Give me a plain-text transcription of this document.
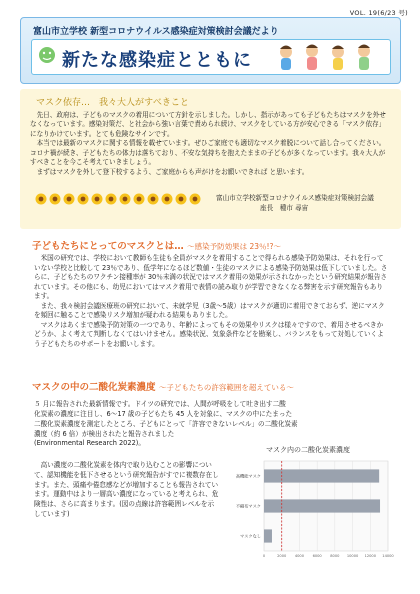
VOL. 19(6/23 号)
富山市立学校 新型コロナウイルス感染症対策検討会議だより
新たな感染症とともに
マスク依存…　我々大人がすべきこと

先日、政府は、子どものマスクの着用について方針を示しました。しかし、指示があっても子どもたちはマスクを外せなくなっています。感染対策だ、と社会から強い言葉で責められ続け、マスクをしている方が安心できる「マスク依存」になりかけています。とても危険なサインです。

本当では最新のマスクに関する情報を載せています。ぜひご家庭でも適切なマスク着脱について話し合ってください。コロナ禍が続き、子どもたちの体力は落ちており、不安な気持ちを抱えたままの子どもが多くなっています。我々大人がすべきことを今こそ考えていきましょう。

まずはマスクを外して登下校するよう、ご家庭からも声がけをお願いできれば と思います。

富山市立学校新型コロナウイルス感染症対策検討会議
座長　種市 尋宙
子どもたちにとってのマスクとは… ～感染予防効果は 23％!?～

米国の研究では、学校において教師も生徒も全員がマスクを着用することで得られる感染予防効果は、それを行っていない学校と比較して 23％であり、低学年になるほど数値・生徒のマスクによる感染予防効果は低下していました。さらに、子どもたちのワクチン接種率が 30％未満の状況ではマスク着用の効果が示されなかったという研究結果が報告されています。その他にも、幼児においてはマスク着用で表情の読み取りが学習できなくなる弊害を示す研究報告もあります。

また、我々検討会議医療班の研究において、未就学児（3歳～5歳）はマスクが適切に着用できておらず、逆にマスクを頻回に触ることで感染リスク増加が疑われる結果もありました。

マスクはあくまで感染予防対策の一つであり、年齢によってもその効果やリスクは様々ですので、着用させるべきかどうか、よく考えて判断しなくてはいけません。感染状況、気象条件などを勘案し、バランスをもって対処していくよう子どもたちのサポートをお願いします。

マスクの中の二酸化炭素濃度 ～子どもたちの許容範囲を超えている～

５ 月に報告された最新情報です。ドイツの研究では、人間が呼吸をして吐き出す二酸

化炭素の濃度に注目し、6～17 歳の子どもたち 45 人を対象に、マスクの中にたまった
二酸化炭素濃度を測定したところ、子どもにとって「許容できないレベル」の二酸化炭素
濃度（約 6 倍）が検出されたと報告されました
(Environmental Research 2022)。

高い濃度の二酸化炭素を体内で取り込むことの影響について、認知機能を低下させるという研究報告がすでに複数存在します。また、頭痛や倦怠感などが増加することも報告されています。運動中はより一層高い濃度になっていると考えられ、危険性は、さらに高まります。(図の点線は許容範囲レベルを示しています)

マスク内の二酸化炭素濃度
0	2000 4000 6000 8000 10000 12000 14000
高機能マスク
不織布マスク
マスクなし
